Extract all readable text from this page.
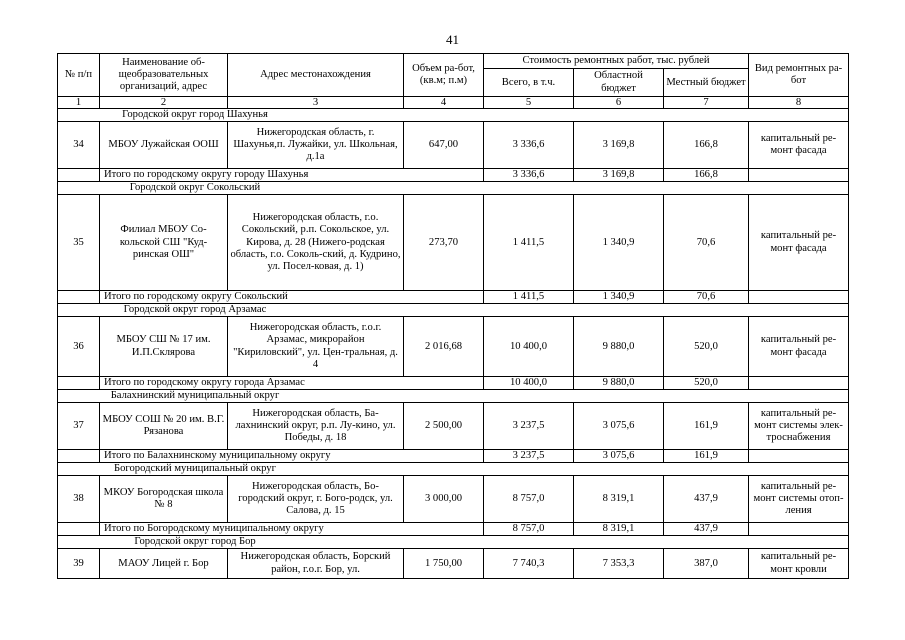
41
№ п/п	Наименование об-щеобразовательных организаций, адрес	Адрес местонахождения	Объем ра-бот, (кв.м; п.м)	Стоимость ремонтных работ, тыс. рублей			Вид ремонтных ра-бот
				Всего, в т.ч.	Областной бюджет	Местный бюджет	
1	2	3	4	5	6	7	8

Городской округ город Шахунья							

34	МБОУ Лужайская ООШ	Нижегородская область, г. Шахунья,п. Лужайки, ул. Школьная, д.1а	647,00	3 336,6	3 169,8	166,8	капитальный ре-монт фасада
	Итого по городскому округу городу Шахунья			3 336,6	3 169,8	166,8	

Городской округ Сокольский							

35	Филиал МБОУ Со-кольской СШ "Куд-ринская ОШ"	Нижегородская область, г.о. Сокольский, р.п. Сокольское, ул. Кирова, д. 28 (Нижего-родская область, г.о. Соколь-ский, д. Кудрино, ул. Посел-ковая, д. 1)	273,70	1 411,5	1 340,9	70,6	капитальный ре-монт фасада
	Итого по городскому округу Сокольский			1 411,5	1 340,9	70,6	

Городской округ город Арзамас							

36	МБОУ СШ № 17 им. И.П.Склярова	Нижегородская область, г.о.г. Арзамас, микрорайон "Кириловский", ул. Цен-тральная, д. 4	2 016,68	10 400,0	9 880,0	520,0	капитальный ре-монт фасада
	Итого по городскому округу города Арзамас			10 400,0	9 880,0	520,0	

Балахнинский муниципальный округ							

37	МБОУ СОШ № 20 им. В.Г. Рязанова	Нижегородская область, Ба-лахнинский округ, р.п. Лу-кино, ул. Победы, д. 18	2 500,00	3 237,5	3 075,6	161,9	капитальный ре-монт системы элек-троснабжения
	Итого по Балахнинскому муниципальному округу			3 237,5	3 075,6	161,9	

Богородский муниципальный округ							

38	МКОУ Богородская школа № 8	Нижегородская область, Бо-городский округ, г. Бого-родск, ул. Салова, д. 15	3 000,00	8 757,0	8 319,1	437,9	капитальный ре-монт системы отоп-ления
	Итого по Богородскому муниципальному округу			8 757,0	8 319,1	437,9	

Городской округ город Бор							

39	МАОУ Лицей г. Бор	Нижегородская область, Борский район, г.о.г. Бор, ул.	1 750,00	7 740,3	7 353,3	387,0	капитальный ре-монт кровли
